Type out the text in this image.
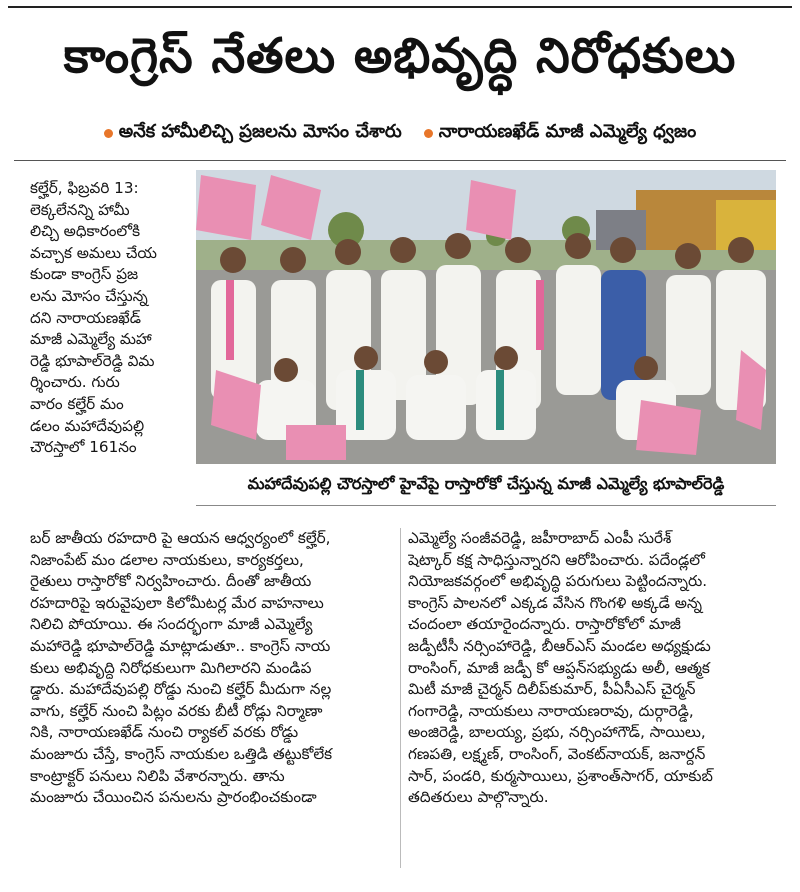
కాంగ్రెస్‌ నేతలు అభివృద్ధి నిరోధకులు
అనేక హామీలిచ్చి ప్రజలను మోసం చేశారు నారాయణఖేడ్‌ మాజీ ఎమ్మెల్యే ధ్వజం
కల్హేర్‌, ఫిబ్రవరి 13:
లెక్కలేనన్ని హామీ
లిచ్చి అధికారంలోకి
వచ్చాక అమలు చేయ
కుండా కాంగ్రెస్‌ ప్రజ
లను మోసం చేస్తున్న
దని నారాయణఖేడ్‌
మాజీ ఎమ్మెల్యే మహా
రెడ్డి భూపాల్‌రెడ్డి విమ
ర్శించారు. గురు
వారం కల్హేర్‌ మం
డలం మహాదేవుపల్లి
చౌరస్తాలో 161నం
మహాదేవుపల్లి చౌరస్తాలో హైవేపై రాస్తారోకో చేస్తున్న మాజీ ఎమ్మెల్యే భూపాల్‌రెడ్డి
బర్‌ జాతీయ రహదారి పై ఆయన ఆధ్వర్యంలో కల్హేర్‌,
నిజాంపేట్‌ మం డలాల నాయకులు, కార్యకర్తలు,
రైతులు రాస్తారోకో నిర్వహించారు. దీంతో జాతీయ
రహదారిపై ఇరువైపులా కిలోమీటర్ల మేర వాహనాలు
నిలిచి పోయాయి. ఈ సందర్భంగా మాజీ ఎమ్మెల్యే
మహారెడ్డి భూపాల్‌రెడ్డి మాట్లాడుతూ.. కాంగ్రెస్‌ నాయ
కులు అభివృద్ధి నిరోధకులుగా మిగిలారని మండిప
డ్డారు. మహాదేవుపల్లి రోడ్డు నుంచి కల్హేర్‌ మీదుగా నల్ల
వాగు, కల్హేర్‌ నుంచి పిట్లం వరకు బీటీ రోడ్లు నిర్మాణా
నికి, నారాయణఖేడ్‌ నుంచి ర్యాకల్‌ వరకు రోడ్డు
మంజూరు చేస్తే, కాంగ్రెస్‌ నాయకుల ఒత్తిడి తట్టుకోలేక
కాంట్రాక్టర్‌ పనులు నిలిపి వేశారన్నారు. తాను
మంజూరు చేయించిన పనులను ప్రారంభించకుండా
ఎమ్మెల్యే సంజీవరెడ్డి, జహీరాబాద్‌ ఎంపీ సురేశ్‌
షెట్కార్‌ కక్ష సాధిస్తున్నారని ఆరోపించారు. పదేండ్లలో
నియోజకవర్గంలో అభివృద్ధి పరుగులు పెట్టిందన్నారు.
కాంగ్రెస్‌ పాలనలో ఎక్కడ వేసిన గొంగళి అక్కడే అన్న
చందంలా తయారైందన్నారు. రాస్తారోకోలో మాజీ
జడ్పీటీసీ నర్సింహారెడ్డి, బీఆర్‌ఎస్‌ మండల అధ్యక్షుడు
రాంసింగ్‌, మాజీ జడ్పీ కో ఆప్షన్‌సభ్యుడు అలీ, ఆత్మక
మిటీ మాజీ చైర్మన్‌ దిలీప్‌కుమార్‌, పీఏసీఎస్‌ చైర్మన్‌
గంగారెడ్డి, నాయకులు నారాయణరావు, దుర్గారెడ్డి,
అంజిరెడ్డి, బాలయ్య, ప్రభు, నర్సింహాగౌడ్‌, సాయిలు,
గణపతి, లక్ష్మణ్‌, రాంసింగ్‌, వెంకట్‌నాయక్‌, జనార్దన్‌
సార్‌, పండరి, కుర్మసాయిలు, ప్రశాంత్‌సాగర్‌, యాకుబ్‌
తదితరులు పాల్గొన్నారు.
